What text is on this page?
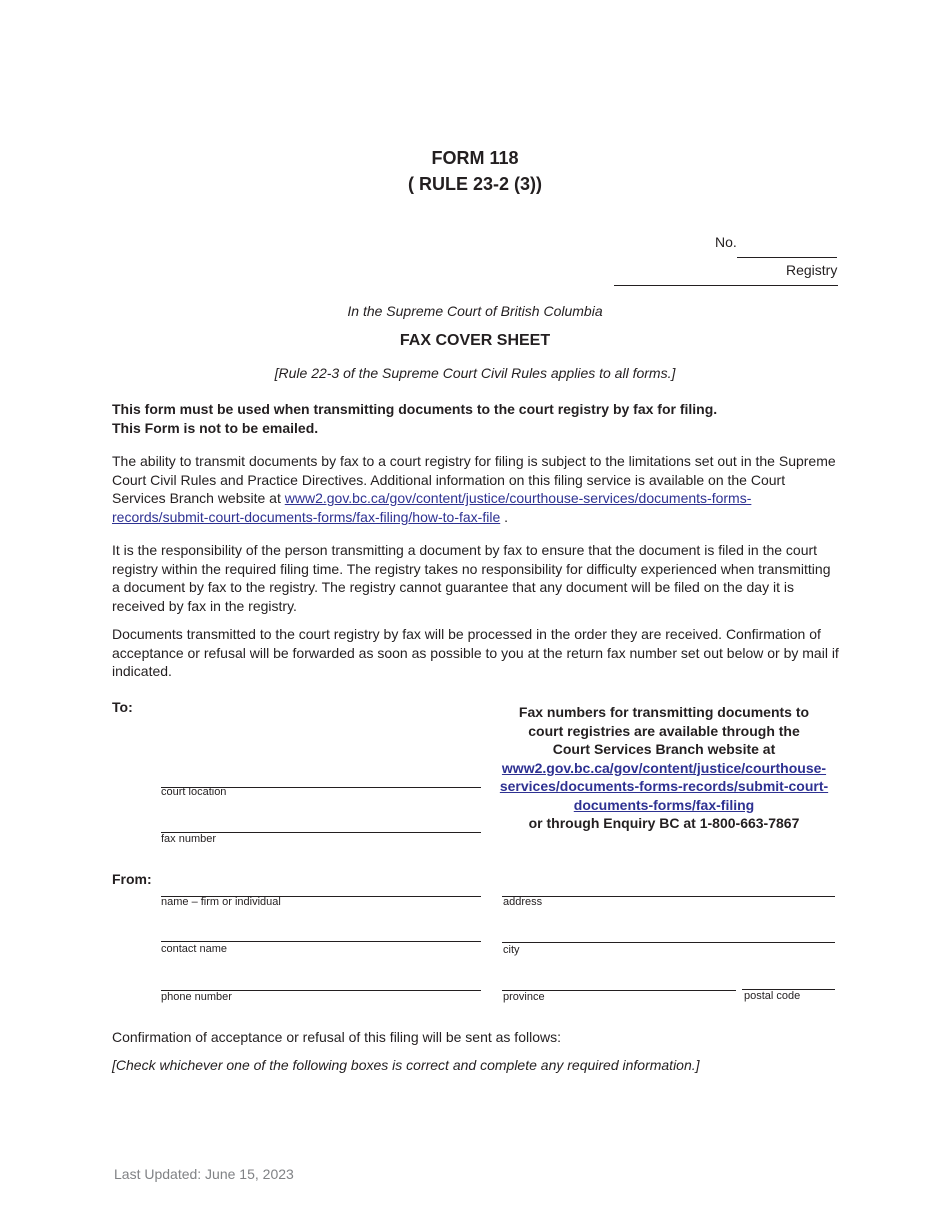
FORM 118
( RULE 23-2 (3))
No.
Registry
In the Supreme Court of British Columbia
FAX COVER SHEET
[Rule 22-3 of the Supreme Court Civil Rules applies to all forms.]
This form must be used when transmitting documents to the court registry by fax for filing.
This Form is not to be emailed.
The ability to transmit documents by fax to a court registry for filing is subject to the limitations set out in the Supreme Court Civil Rules and Practice Directives. Additional information on this filing service is available on the Court Services Branch website at www2.gov.bc.ca/gov/content/justice/courthouse-services/documents-forms-records/submit-court-documents-forms/fax-filing/how-to-fax-file .
It is the responsibility of the person transmitting a document by fax to ensure that the document is filed in the court registry within the required filing time. The registry takes no responsibility for difficulty experienced when transmitting a document by fax to the registry. The registry cannot guarantee that any document will be filed on the day it is received by fax in the registry.
Documents transmitted to the court registry by fax will be processed in the order they are received. Confirmation of acceptance or refusal will be forwarded as soon as possible to you at the return fax number set out below or by mail if indicated.
To:
court location
fax number
Fax numbers for transmitting documents to
court registries are available through the
Court Services Branch website at
www2.gov.bc.ca/gov/content/justice/courthouse-services/documents-forms-records/submit-court-documents-forms/fax-filing
or through Enquiry BC at 1-800-663-7867
From:
name – firm or individual
contact name
phone number
address
city
province	postal code
Confirmation of acceptance or refusal of this filing will be sent as follows:
[Check whichever one of the following boxes is correct and complete any required information.]
Last Updated: June 15, 2023
